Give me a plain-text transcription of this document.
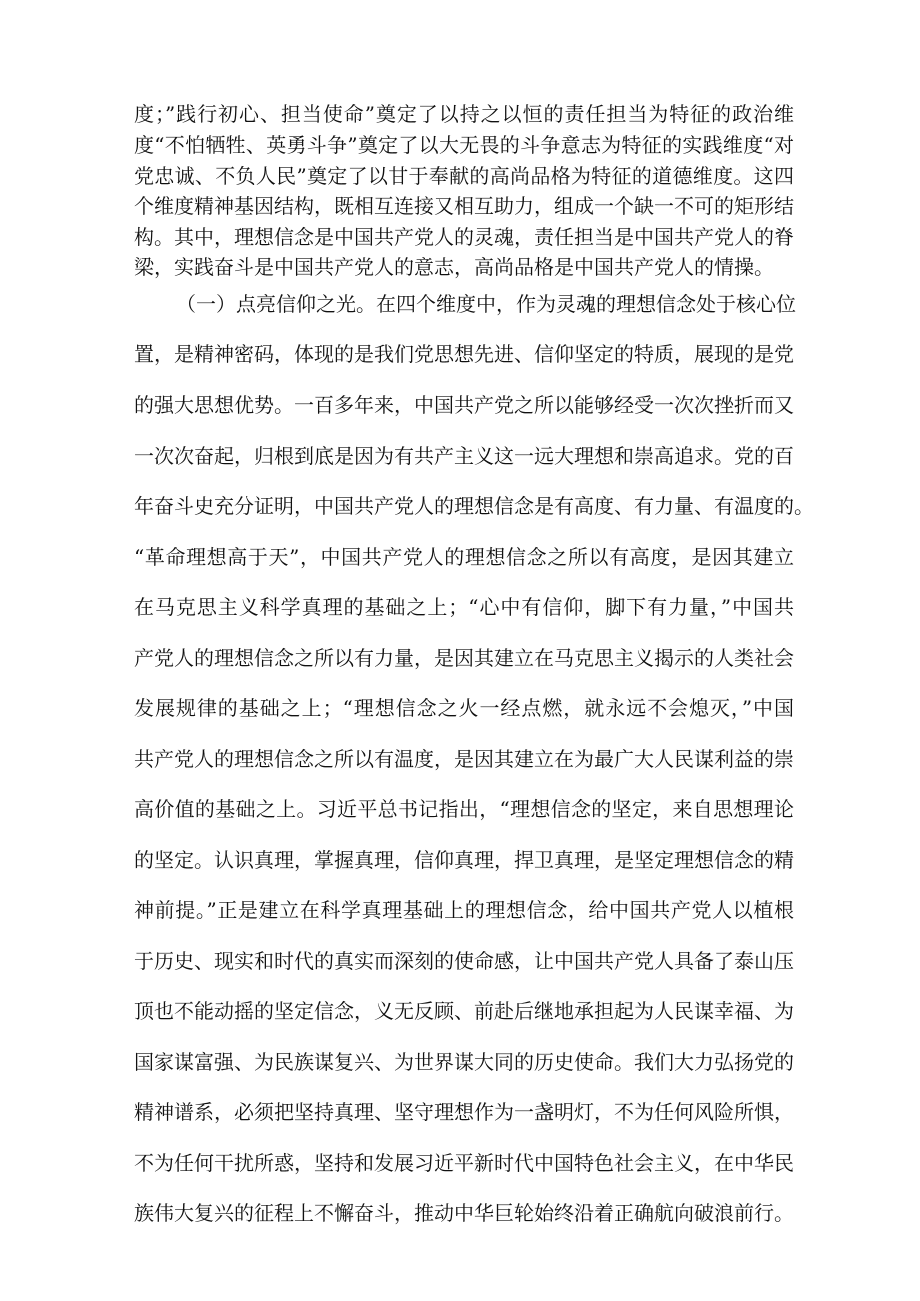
度；”践行初心、担当使命”奠定了以持之以恒的责任担当为特征的政治维
度“不怕牺牲、英勇斗争”奠定了以大无畏的斗争意志为特征的实践维度“对
党忠诚、不负人民”奠定了以甘于奉献的高尚品格为特征的道德维度。这四
个维度精神基因结构，既相互连接又相互助力，组成一个缺一不可的矩形结
构。其中，理想信念是中国共产党人的灵魂，责任担当是中国共产党人的脊
梁，实践奋斗是中国共产党人的意志，高尚品格是中国共产党人的情操。
（一）点亮信仰之光。在四个维度中，作为灵魂的理想信念处于核心位
置，是精神密码，体现的是我们党思想先进、信仰坚定的特质，展现的是党
的强大思想优势。一百多年来，中国共产党之所以能够经受一次次挫折而又
一次次奋起，归根到底是因为有共产主义这一远大理想和崇高追求。党的百
年奋斗史充分证明，中国共产党人的理想信念是有高度、有力量、有温度的。
“革命理想高于天”，中国共产党人的理想信念之所以有高度，是因其建立
在马克思主义科学真理的基础之上；“心中有信仰，脚下有力量，”中国共
产党人的理想信念之所以有力量，是因其建立在马克思主义揭示的人类社会
发展规律的基础之上；“理想信念之火一经点燃，就永远不会熄灭，”中国
共产党人的理想信念之所以有温度，是因其建立在为最广大人民谋利益的崇
高价值的基础之上。习近平总书记指出，“理想信念的坚定，来自思想理论
的坚定。认识真理，掌握真理，信仰真理，捍卫真理，是坚定理想信念的精
神前提。”正是建立在科学真理基础上的理想信念，给中国共产党人以植根
于历史、现实和时代的真实而深刻的使命感，让中国共产党人具备了泰山压
顶也不能动摇的坚定信念，义无反顾、前赴后继地承担起为人民谋幸福、为
国家谋富强、为民族谋复兴、为世界谋大同的历史使命。我们大力弘扬党的
精神谱系，必须把坚持真理、坚守理想作为一盏明灯，不为任何风险所惧，
不为任何干扰所惑，坚持和发展习近平新时代中国特色社会主义，在中华民
族伟大复兴的征程上不懈奋斗，推动中华巨轮始终沿着正确航向破浪前行。
